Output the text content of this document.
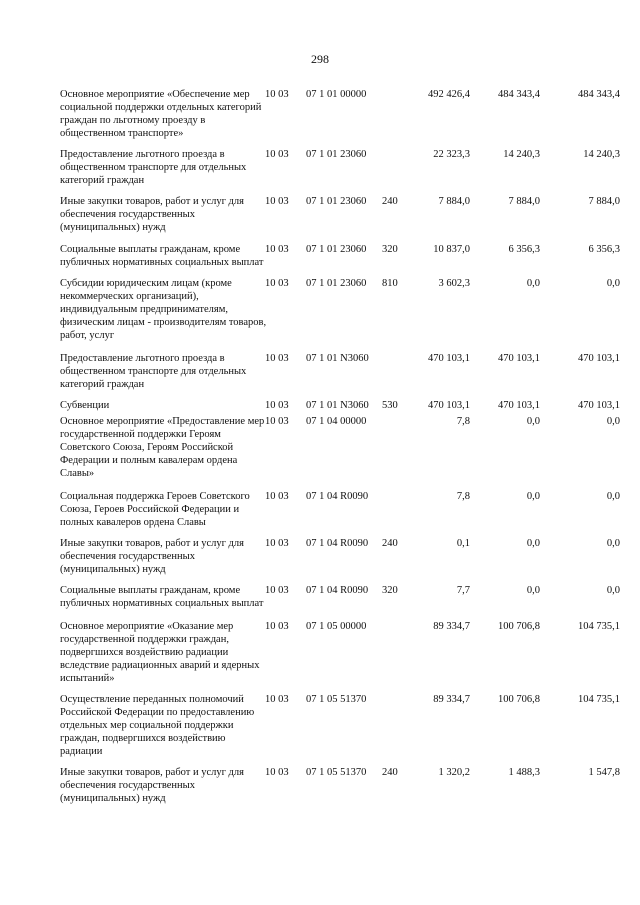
298
Основное мероприятие «Обеспечение мер социальной поддержки отдельных категорий граждан по льготному проезду в общественном транспорте»
10 03 07 1 01 00000	492 426,4	484 343,4	484 343,4
Предоставление льготного проезда в общественном транспорте для отдельных категорий граждан
10 03 07 1 01 23060	22 323,3	14 240,3	14 240,3
Иные закупки товаров, работ и услуг для обеспечения государственных (муниципальных) нужд
10 03 07 1 01 23060 240	7 884,0	7 884,0	7 884,0
Социальные выплаты гражданам, кроме публичных нормативных социальных выплат
10 03 07 1 01 23060 320	10 837,0	6 356,3	6 356,3
Субсидии юридическим лицам (кроме некоммерческих организаций), индивидуальным предпринимателям, физическим лицам - производителям товаров, работ, услуг
10 03 07 1 01 23060 810	3 602,3	0,0	0,0
Предоставление льготного проезда в общественном транспорте для отдельных категорий граждан
10 03 07 1 01 N3060	470 103,1	470 103,1	470 103,1
Субвенции	10 03 07 1 01 N3060 530	470 103,1	470 103,1	470 103,1
Основное мероприятие «Предоставление мер государственной поддержки Героям Советского Союза, Героям Российской Федерации и полным кавалерам ордена Славы»
10 03 07 1 04 00000	7,8	0,0	0,0
Социальная поддержка Героев Советского Союза, Героев Российской Федерации и полных кавалеров ордена Славы
10 03 07 1 04 R0090	7,8	0,0	0,0
Иные закупки товаров, работ и услуг для обеспечения государственных (муниципальных) нужд
10 03 07 1 04 R0090 240	0,1	0,0	0,0
Социальные выплаты гражданам, кроме публичных нормативных социальных выплат
10 03 07 1 04 R0090 320	7,7	0,0	0,0
Основное мероприятие «Оказание мер государственной поддержки граждан, подвергшихся воздействию радиации вследствие радиационных аварий и ядерных испытаний»
10 03 07 1 05 00000	89 334,7	100 706,8	104 735,1
Осуществление переданных полномочий Российской Федерации по предоставлению отдельных мер социальной поддержки граждан, подвергшихся воздействию радиации
10 03 07 1 05 51370	89 334,7	100 706,8	104 735,1
Иные закупки товаров, работ и услуг для обеспечения государственных (муниципальных) нужд
10 03 07 1 05 51370 240	1 320,2	1 488,3	1 547,8
